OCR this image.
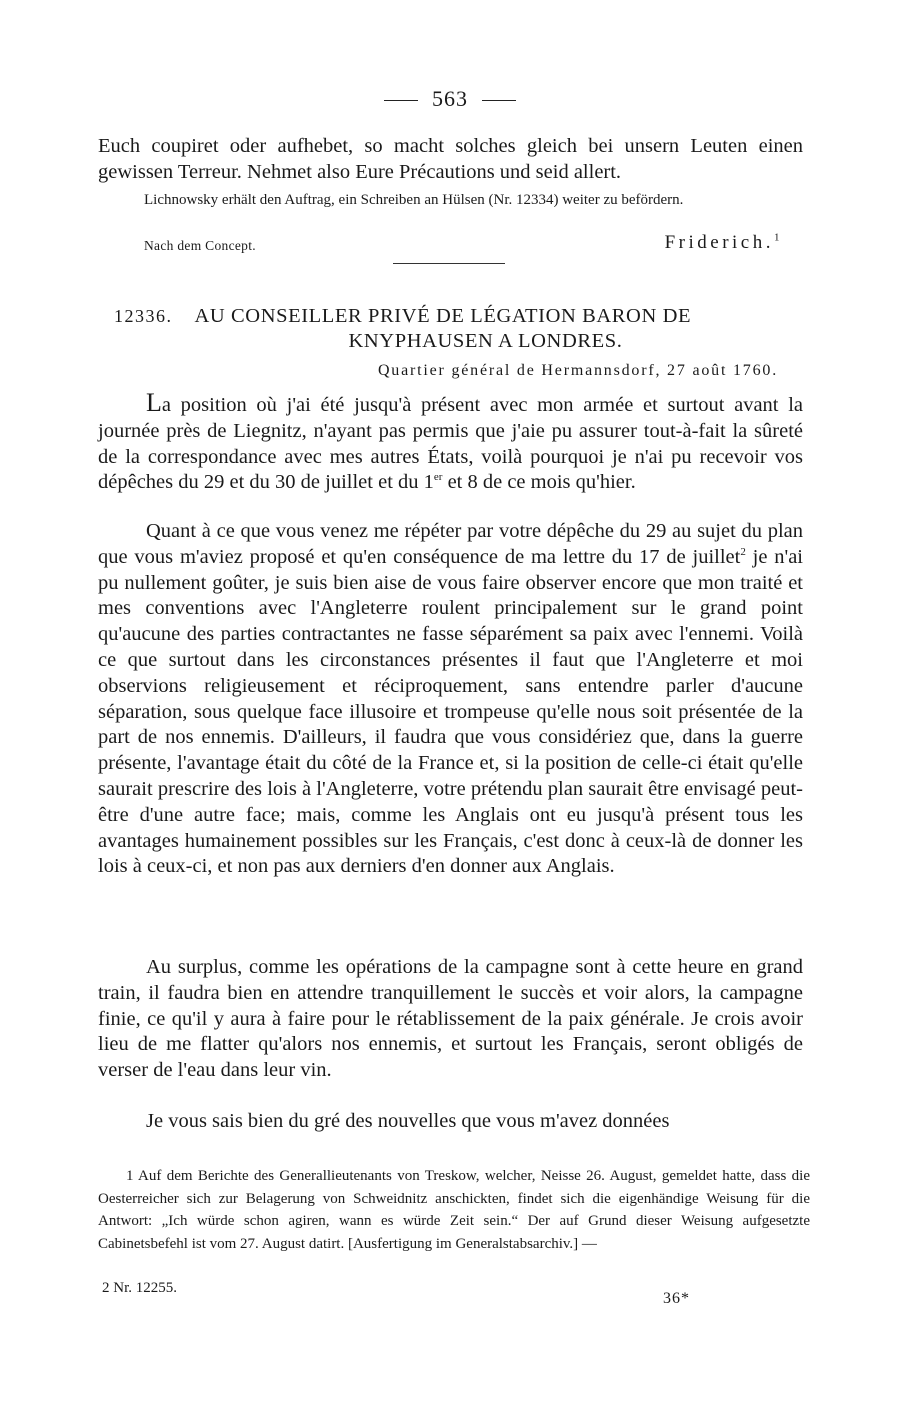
563
Euch coupiret oder aufhebet, so macht solches gleich bei unsern Leuten einen gewissen Terreur. Nehmet also Eure Précautions und seid allert.
Lichnowsky erhält den Auftrag, ein Schreiben an Hülsen (Nr. 12334) weiter zu befördern.
Nach dem Concept.	Friderich.$^1$
12336. AU CONSEILLER PRIVÉ DE LÉGATION BARON DE
KNYPHAUSEN A LONDRES.
Quartier général de Hermannsdorf, 27 août 1760.
La position où j'ai été jusqu'à présent avec mon armée et surtout avant la journée près de Liegnitz, n'ayant pas permis que j'aie pu assurer tout-à-fait la sûreté de la correspondance avec mes autres États, voilà pourquoi je n'ai pu recevoir vos dépêches du 29 et du 30 de juillet et du 1er et 8 de ce mois qu'hier.
Quant à ce que vous venez me répéter par votre dépêche du 29 au sujet du plan que vous m'aviez proposé et qu'en conséquence de ma lettre du 17 de juillet$^2$ je n'ai pu nullement goûter, je suis bien aise de vous faire observer encore que mon traité et mes conventions avec l'Angleterre roulent principalement sur le grand point qu'aucune des parties contractantes ne fasse séparément sa paix avec l'ennemi. Voilà ce que surtout dans les circonstances présentes il faut que l'Angleterre et moi observions religieusement et réciproquement, sans entendre parler d'aucune séparation, sous quelque face illusoire et trompeuse qu'elle nous soit présentée de la part de nos ennemis. D'ailleurs, il faudra que vous considériez que, dans la guerre présente, l'avantage était du côté de la France et, si la position de celle-ci était qu'elle saurait prescrire des lois à l'Angleterre, votre prétendu plan saurait être envisagé peut-être d'une autre face; mais, comme les Anglais ont eu jusqu'à présent tous les avantages humainement possibles sur les Français, c'est donc à ceux-là de donner les lois à ceux-ci, et non pas aux derniers d'en donner aux Anglais.
Au surplus, comme les opérations de la campagne sont à cette heure en grand train, il faudra bien en attendre tranquillement le succès et voir alors, la campagne finie, ce qu'il y aura à faire pour le rétablissement de la paix générale. Je crois avoir lieu de me flatter qu'alors nos ennemis, et surtout les Français, seront obligés de verser de l'eau dans leur vin.
Je vous sais bien du gré des nouvelles que vous m'avez données
1 Auf dem Berichte des Generallieutenants von Treskow, welcher, Neisse 26. August, gemeldet hatte, dass die Oesterreicher sich zur Belagerung von Schweidnitz anschickten, findet sich die eigenhändige Weisung für die Antwort: „Ich würde schon agiren, wann es würde Zeit sein.“ Der auf Grund dieser Weisung aufgesetzte Cabinetsbefehl ist vom 27. August datirt. [Ausfertigung im Generalstabsarchiv.] —
2 Nr. 12255.
36*
